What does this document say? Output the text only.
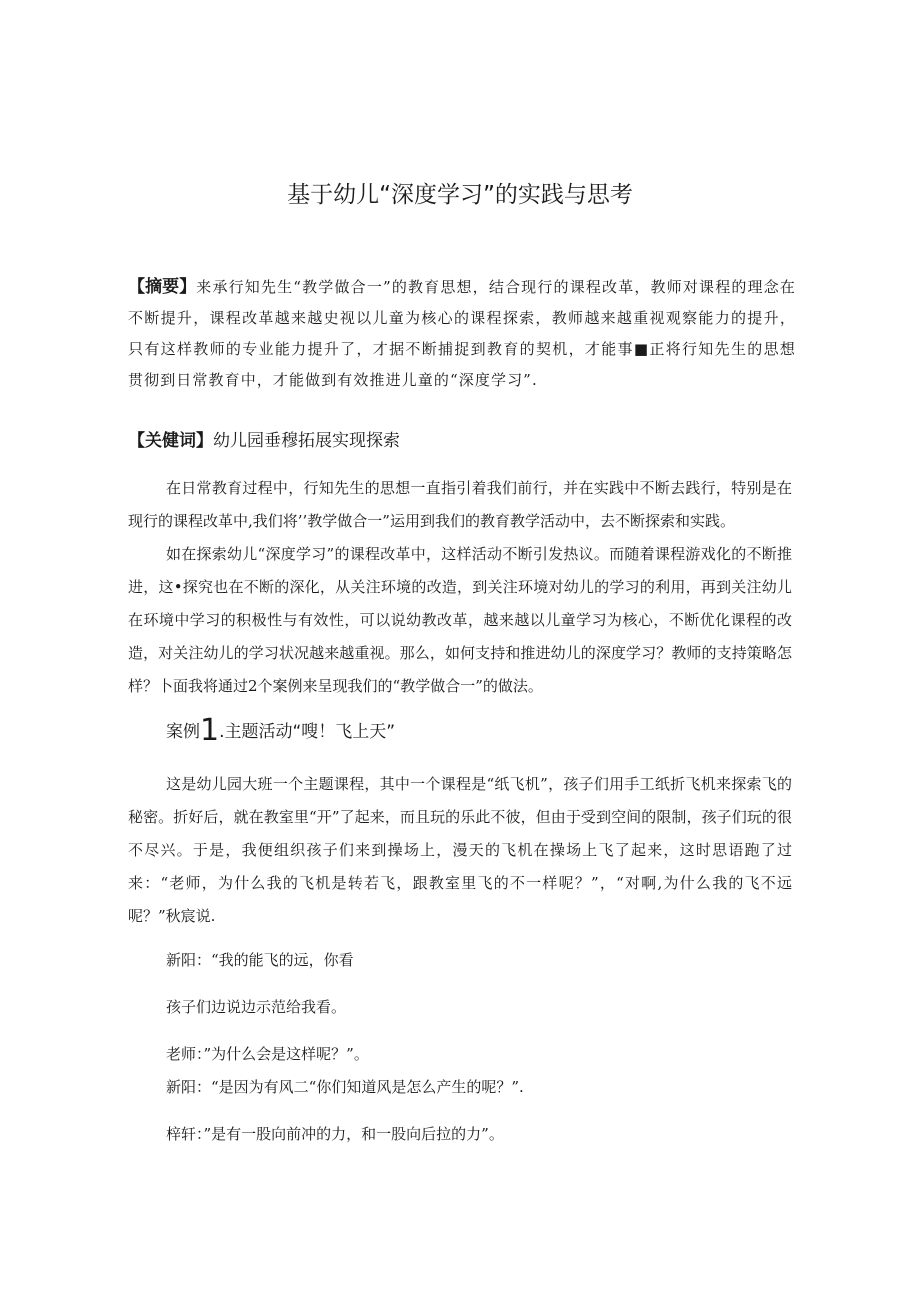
基于幼儿“深度学习”的实践与思考
【摘要】来承行知先生“教学做合一”的教育思想，结合现行的课程改革，教师对课程的理念在不断提升，课程改革越来越史视以儿童为核心的课程探索，教师越来越重视观察能力的提升，只有这样教师的专业能力提升了，才据不断捕捉到教育的契机，才能事■正将行知先生的思想贯彻到日常教育中，才能做到有效推进儿童的“深度学习”.
【关健词】幼儿园垂穆拓展实现探索
在日常教育过程中，行知先生的思想一直指引着我们前行，并在实践中不断去践行，特别是在现行的课程改革中,我们将’’教学做合一”运用到我们的教育教学活动中，去不断探索和实践。
如在探索幼儿“深度学习”的课程改革中，这样活动不断引发热议。而随着课程游戏化的不断推进，这•探究也在不断的深化，从关注环境的改造，到关注环境对幼儿的学习的利用，再到关注幼儿在环境中学习的积极性与有效性，可以说幼教改革，越来越以儿童学习为核心，不断优化课程的改造，对关注幼儿的学习状况越来越重视。那么，如何支持和推进幼儿的深度学习？教师的支持策略怎样？卜面我将通过2个案例来呈现我们的“教学做合一”的做法。
案例1.主题活动“嗖！飞上天”
这是幼儿园大班一个主题课程，其中一个课程是“纸飞机”，孩子们用手工纸折飞机来探索飞的秘密。折好后，就在教室里“开”了起来，而且玩的乐此不彼，但由于受到空间的限制，孩子们玩的很不尽兴。于是，我便组织孩子们来到操场上，漫天的飞机在操场上飞了起来，这时思语跑了过来：“老师，为什么我的飞机是转若飞，跟教室里飞的不一样呢？”，“对啊,为什么我的飞不远呢？”秋宸说.
新阳：“我的能飞的远，你看
孩子们边说边示范给我看。
老师：”为什么会是这样呢？”。
新阳：“是因为有风二“你们知道风是怎么产生的呢？”.
梓轩：”是有一股向前冲的力，和一股向后拉的力”。
